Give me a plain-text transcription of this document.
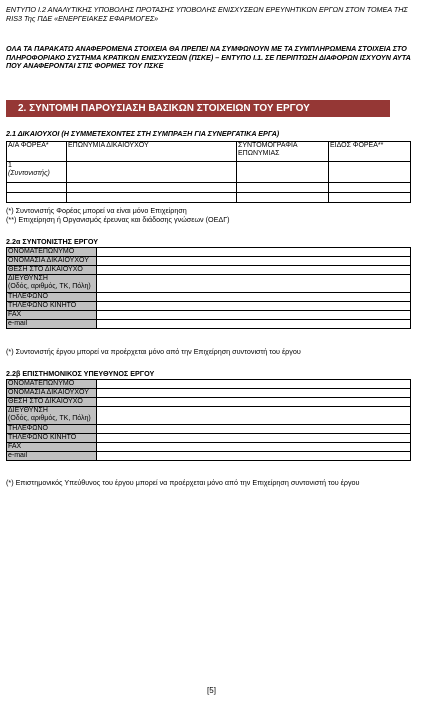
ΕΝΤΥΠΟ Ι.2 ΑΝΑΛΥΤΙΚΗΣ ΥΠΟΒΟΛΗΣ ΠΡΟΤΑΣΗΣ ΥΠΟΒΟΛΗΣ ΕΝΙΣΧΥΣΕΩΝ ΕΡΕΥΝΗΤΙΚΩΝ ΕΡΓΩΝ ΣΤΟΝ ΤΟΜΕΑ ΤΗΣ RIS3 Της ΠΔΕ «ΕΝΕΡΓΕΙΑΚΕΣ ΕΦΑΡΜΟΓΕΣ»
ΟΛΑ ΤΑ ΠΑΡΑΚΑΤΩ ΑΝΑΦΕΡΟΜΕΝΑ ΣΤΟΙΧΕΙΑ ΘΑ ΠΡΕΠΕΙ ΝΑ ΣΥΜΦΩΝΟΥΝ ΜΕ ΤΑ ΣΥΜΠΛΗΡΩΜΕΝΑ ΣΤΟΙΧΕΙΑ ΣΤΟ ΠΛΗΡΟΦΟΡΙΑΚΟ ΣΥΣΤΗΜΑ ΚΡΑΤΙΚΩΝ ΕΝΙΣΧΥΣΕΩΝ (ΠΣΚΕ) – ΕΝΤΥΠΟ Ι.1. ΣΕ ΠΕΡΙΠΤΩΣΗ ΔΙΑΦΟΡΩΝ ΙΣΧΥΟΥΝ ΑΥΤΑ ΠΟΥ ΑΝΑΦΕΡΟΝΤΑΙ ΣΤΙΣ ΦΟΡΜΕΣ ΤΟΥ ΠΣΚΕ
2. ΣΥΝΤΟΜΗ ΠΑΡΟΥΣΙΑΣΗ ΒΑΣΙΚΩΝ ΣΤΟΙΧΕΙΩΝ ΤΟΥ ΕΡΓΟΥ
2.1 ΔΙΚΑΙΟΥΧΟΙ (Η ΣΥΜΜΕΤΕΧΟΝΤΕΣ ΣΤΗ ΣΥΜΠΡΑΞΗ ΓΙΑ ΣΥΝΕΡΓΑΤΙΚΑ ΕΡΓΑ)
Α/Α ΦΟΡΕΑ*	ΕΠΩΝΥΜΙΑ ΔΙΚΑΙΟΥΧΟΥ	ΣΥΝΤΟΜΟΓΡΑΦΙΑ ΕΠΩΝΥΜΙΑΣ	ΕΙΔΟΣ ΦΟΡΕΑ**
1
(Συντονιστής)			

(*) Συντονιστής Φορέας μπορεί να είναι μόνο Επιχείρηση
(**) Επιχείρηση ή Οργανισμός έρευνας και διάδοσης γνώσεων (ΟΕΔΓ)
2.2α ΣΥΝΤΟΝΙΣΤΗΣ ΕΡΓΟΥ
ΟΝΟΜΑΤΕΠΩΝΥΜΟ	
ΟΝΟΜΑΣΙΑ ΔΙΚΑΙΟΥΧΟΥ	
ΘΕΣΗ ΣΤΟ ΔΙΚΑΙΟΥΧΟ	
ΔΙΕΥΘΥΝΣΗ
(Οδός, αριθμός, ΤΚ, Πόλη)	
ΤΗΛΕΦΩΝΟ	
ΤΗΛΕΦΩΝΟ ΚΙΝΗΤΟ	
FAX	
e-mail	
(*) Συντονιστής έργου μπορεί να προέρχεται μόνο από την Επιχείρηση συντονιστή του έργου
2.2β ΕΠΙΣΤΗΜΟΝΙΚΟΣ ΥΠΕΥΘΥΝΟΣ ΕΡΓΟΥ
ΟΝΟΜΑΤΕΠΩΝΥΜΟ	
ΟΝΟΜΑΣΙΑ ΔΙΚΑΙΟΥΧΟΥ	
ΘΕΣΗ ΣΤΟ ΔΙΚΑΙΟΥΧΟ	
ΔΙΕΥΘΥΝΣΗ
(Οδός, αριθμός, ΤΚ, Πόλη)	
ΤΗΛΕΦΩΝΟ	
ΤΗΛΕΦΩΝΟ ΚΙΝΗΤΟ	
FAX	
e-mail	
(*) Επιστημονικός Υπεύθυνος του έργου μπορεί να προέρχεται μόνο από την Επιχείρηση συντονιστή του έργου
[5]
